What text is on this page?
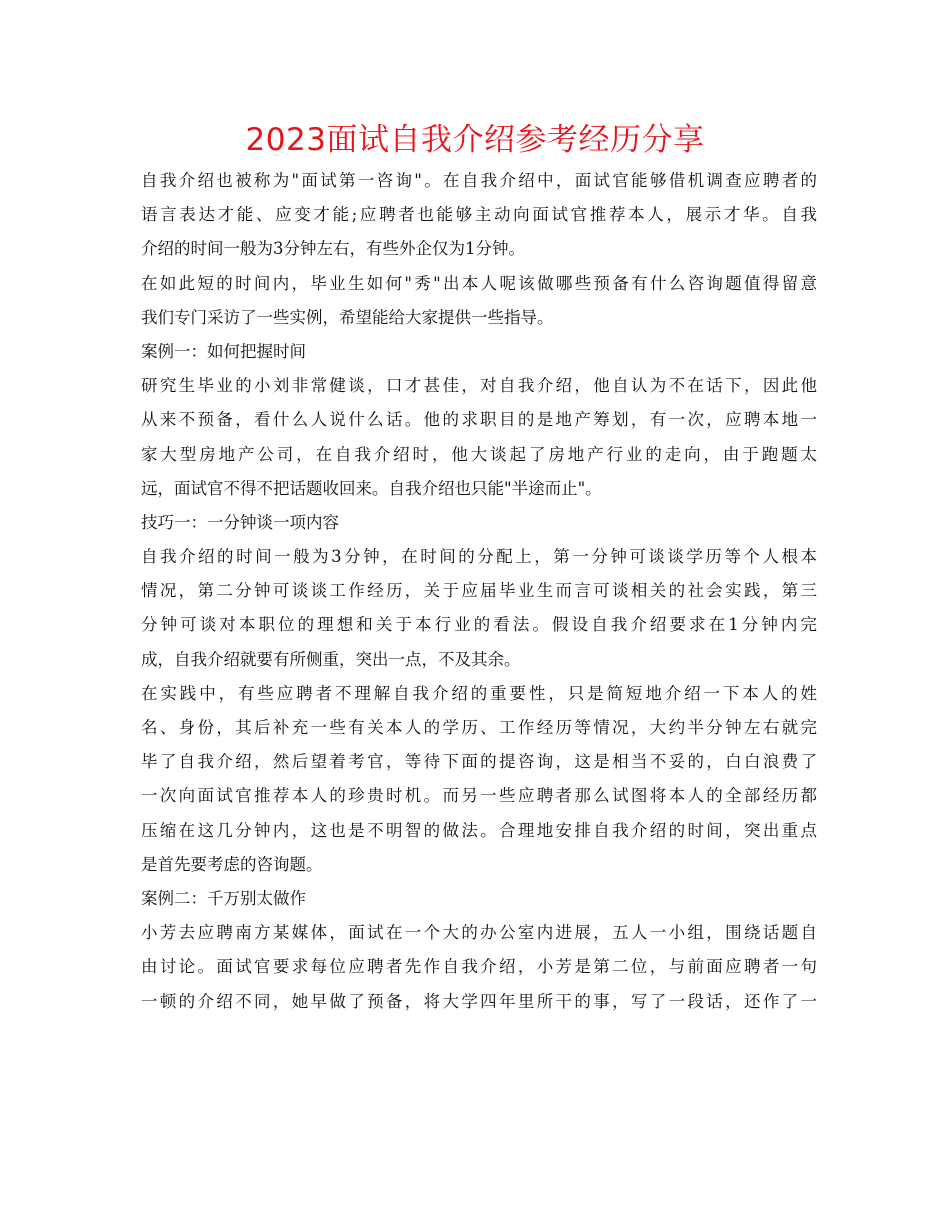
2023面试自我介绍参考经历分享
自我介绍也被称为"面试第一咨询"。在自我介绍中，面试官能够借机调查应聘者的
语言表达才能、应变才能;应聘者也能够主动向面试官推荐本人，展示才华。自我
介绍的时间一般为3分钟左右，有些外企仅为1分钟。
在如此短的时间内，毕业生如何"秀"出本人呢该做哪些预备有什么咨询题值得留意
我们专门采访了一些实例，希望能给大家提供一些指导。
案例一：如何把握时间
研究生毕业的小刘非常健谈，口才甚佳，对自我介绍，他自认为不在话下，因此他
从来不预备，看什么人说什么话。他的求职目的是地产筹划，有一次，应聘本地一
家大型房地产公司，在自我介绍时，他大谈起了房地产行业的走向，由于跑题太
远，面试官不得不把话题收回来。自我介绍也只能"半途而止"。
技巧一：一分钟谈一项内容
自我介绍的时间一般为3分钟，在时间的分配上，第一分钟可谈谈学历等个人根本
情况，第二分钟可谈谈工作经历，关于应届毕业生而言可谈相关的社会实践，第三
分钟可谈对本职位的理想和关于本行业的看法。假设自我介绍要求在1分钟内完
成，自我介绍就要有所侧重，突出一点，不及其余。
在实践中，有些应聘者不理解自我介绍的重要性，只是简短地介绍一下本人的姓
名、身份，其后补充一些有关本人的学历、工作经历等情况，大约半分钟左右就完
毕了自我介绍，然后望着考官，等待下面的提咨询，这是相当不妥的，白白浪费了
一次向面试官推荐本人的珍贵时机。而另一些应聘者那么试图将本人的全部经历都
压缩在这几分钟内，这也是不明智的做法。合理地安排自我介绍的时间，突出重点
是首先要考虑的咨询题。
案例二：千万别太做作
小芳去应聘南方某媒体，面试在一个大的办公室内进展，五人一小组，围绕话题自
由讨论。面试官要求每位应聘者先作自我介绍，小芳是第二位，与前面应聘者一句
一顿的介绍不同，她早做了预备，将大学四年里所干的事，写了一段话，还作了一
